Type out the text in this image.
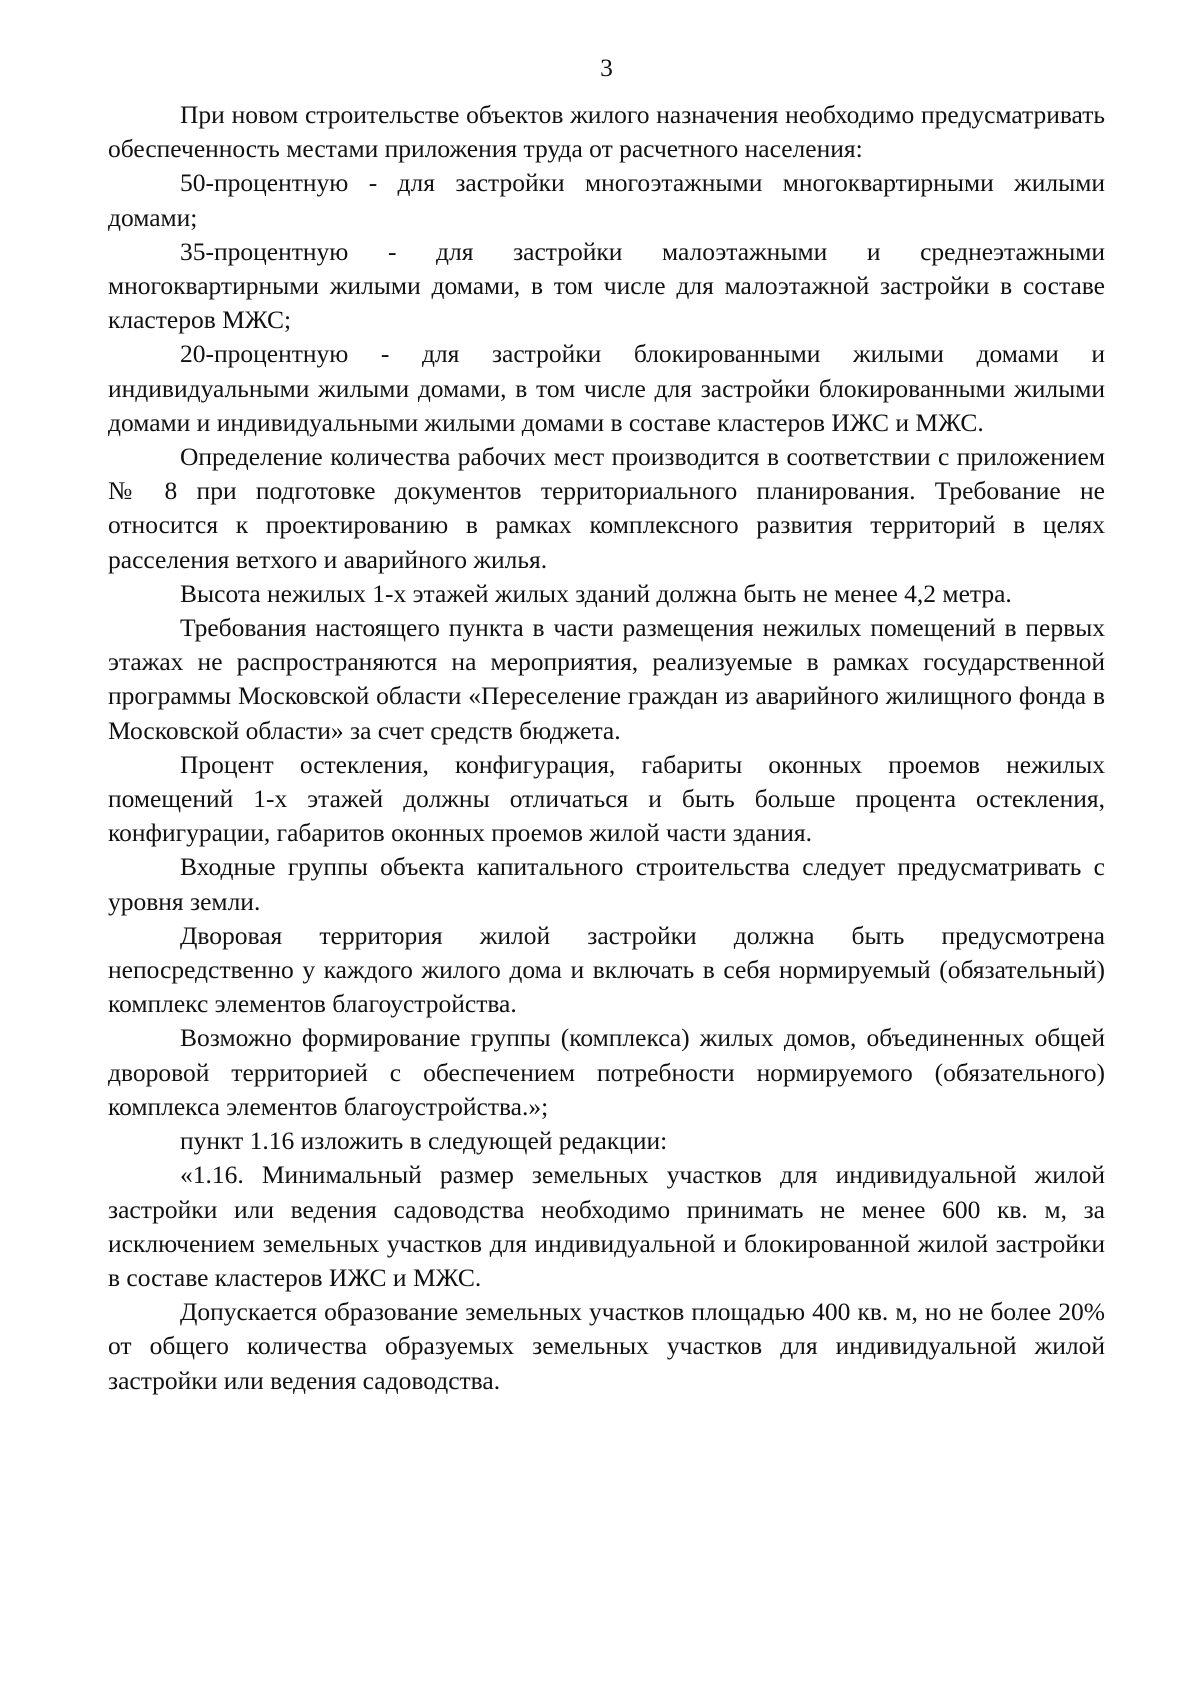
3

При новом строительстве объектов жилого назначения необходимо предусматривать обеспеченность местами приложения труда от расчетного населения:

50-процентную - для застройки многоэтажными многоквартирными жилыми домами;

35-процентную - для застройки малоэтажными и среднеэтажными многоквартирными жилыми домами, в том числе для малоэтажной застройки в составе кластеров МЖС;

20-процентную - для застройки блокированными жилыми домами и индивидуальными жилыми домами, в том числе для застройки блокированными жилыми домами и индивидуальными жилыми домами в составе кластеров ИЖС и МЖС.

Определение количества рабочих мест производится в соответствии с приложением № 8 при подготовке документов территориального планирования. Требование не относится к проектированию в рамках комплексного развития территорий в целях расселения ветхого и аварийного жилья.

Высота нежилых 1-х этажей жилых зданий должна быть не менее 4,2 метра.

Требования настоящего пункта в части размещения нежилых помещений в первых этажах не распространяются на мероприятия, реализуемые в рамках государственной программы Московской области «Переселение граждан из аварийного жилищного фонда в Московской области» за счет средств бюджета.

Процент остекления, конфигурация, габариты оконных проемов нежилых помещений 1-х этажей должны отличаться и быть больше процента остекления, конфигурации, габаритов оконных проемов жилой части здания.

Входные группы объекта капитального строительства следует предусматривать с уровня земли.

Дворовая территория жилой застройки должна быть предусмотрена непосредственно у каждого жилого дома и включать в себя нормируемый (обязательный) комплекс элементов благоустройства.

Возможно формирование группы (комплекса) жилых домов, объединенных общей дворовой территорией с обеспечением потребности нормируемого (обязательного) комплекса элементов благоустройства.»;

пункт 1.16 изложить в следующей редакции:

«1.16. Минимальный размер земельных участков для индивидуальной жилой застройки или ведения садоводства необходимо принимать не менее 600 кв. м, за исключением земельных участков для индивидуальной и блокированной жилой застройки в составе кластеров ИЖС и МЖС.

Допускается образование земельных участков площадью 400 кв. м, но не более 20% от общего количества образуемых земельных участков для индивидуальной жилой застройки или ведения садоводства.
